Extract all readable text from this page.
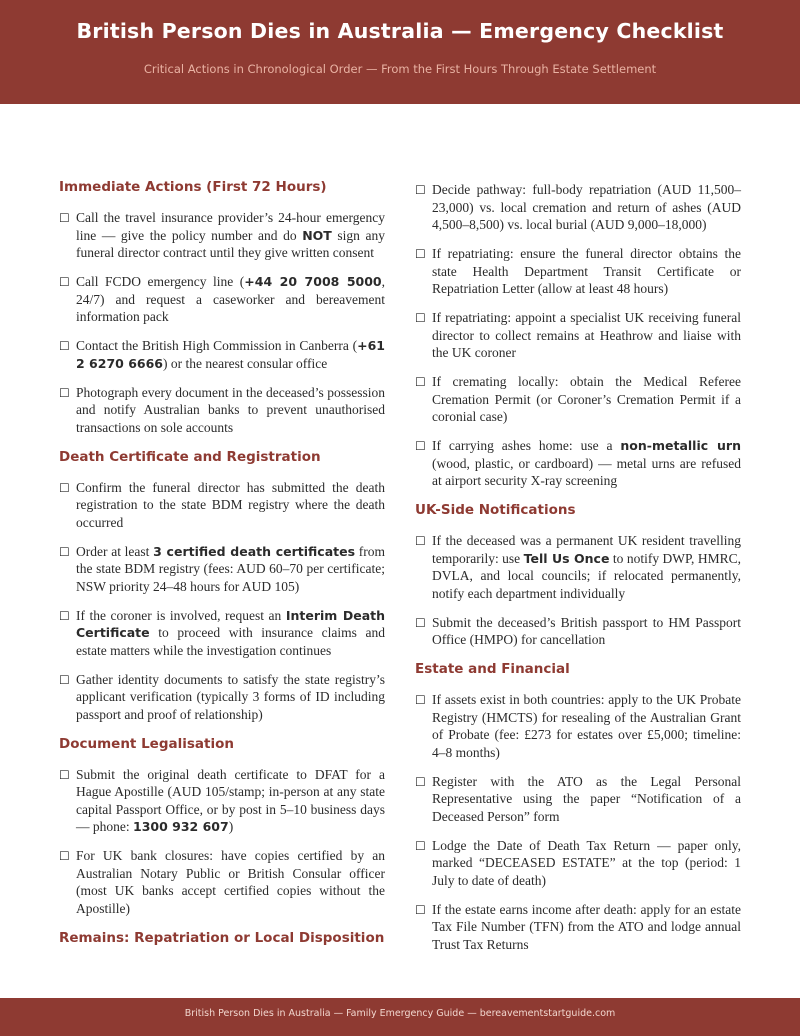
British Person Dies in Australia — Emergency Checklist
Critical Actions in Chronological Order — From the First Hours Through Estate Settlement
Immediate Actions (First 72 Hours)
☐ Call the travel insurance provider’s 24-hour emergency line — give the policy number and do NOT sign any funeral director contract until they give written consent
☐ Call FCDO emergency line (+44 20 7008 5000, 24/7) and request a caseworker and bereavement information pack
☐ Contact the British High Commission in Canberra (+61 2 6270 6666) or the nearest consular office
☐ Photograph every document in the deceased’s possession and notify Australian banks to prevent unauthorised transactions on sole accounts
Death Certificate and Registration
☐ Confirm the funeral director has submitted the death registration to the state BDM registry where the death occurred
☐ Order at least 3 certified death certificates from the state BDM registry (fees: AUD 60–70 per certificate; NSW priority 24–48 hours for AUD 105)
☐ If the coroner is involved, request an Interim Death Certificate to proceed with insurance claims and estate matters while the investigation continues
☐ Gather identity documents to satisfy the state registry’s applicant verification (typically 3 forms of ID including passport and proof of relationship)
Document Legalisation
☐ Submit the original death certificate to DFAT for a Hague Apostille (AUD 105/stamp; in-person at any state capital Passport Office, or by post in 5–10 business days — phone: 1300 932 607)
☐ For UK bank closures: have copies certified by an Australian Notary Public or British Consular officer (most UK banks accept certified copies without the Apostille)
Remains: Repatriation or Local Disposition
☐ Decide pathway: full-body repatriation (AUD 11,500–23,000) vs. local cremation and return of ashes (AUD 4,500–8,500) vs. local burial (AUD 9,000–18,000)
☐ If repatriating: ensure the funeral director obtains the state Health Department Transit Certificate or Repatriation Letter (allow at least 48 hours)
☐ If repatriating: appoint a specialist UK receiving funeral director to collect remains at Heathrow and liaise with the UK coroner
☐ If cremating locally: obtain the Medical Referee Cremation Permit (or Coroner’s Cremation Permit if a coronial case)
☐ If carrying ashes home: use a non-metallic urn (wood, plastic, or cardboard) — metal urns are refused at airport security X-ray screening
UK-Side Notifications
☐ If the deceased was a permanent UK resident travelling temporarily: use Tell Us Once to notify DWP, HMRC, DVLA, and local councils; if relocated permanently, notify each department individually
☐ Submit the deceased’s British passport to HM Passport Office (HMPO) for cancellation
Estate and Financial
☐ If assets exist in both countries: apply to the UK Probate Registry (HMCTS) for resealing of the Australian Grant of Probate (fee: £273 for estates over £5,000; timeline: 4–8 months)
☐ Register with the ATO as the Legal Personal Representative using the paper “Notification of a Deceased Person” form
☐ Lodge the Date of Death Tax Return — paper only, marked “DECEASED ESTATE” at the top (period: 1 July to date of death)
☐ If the estate earns income after death: apply for an estate Tax File Number (TFN) from the ATO and lodge annual Trust Tax Returns
British Person Dies in Australia — Family Emergency Guide — bereavementstartguide.com
